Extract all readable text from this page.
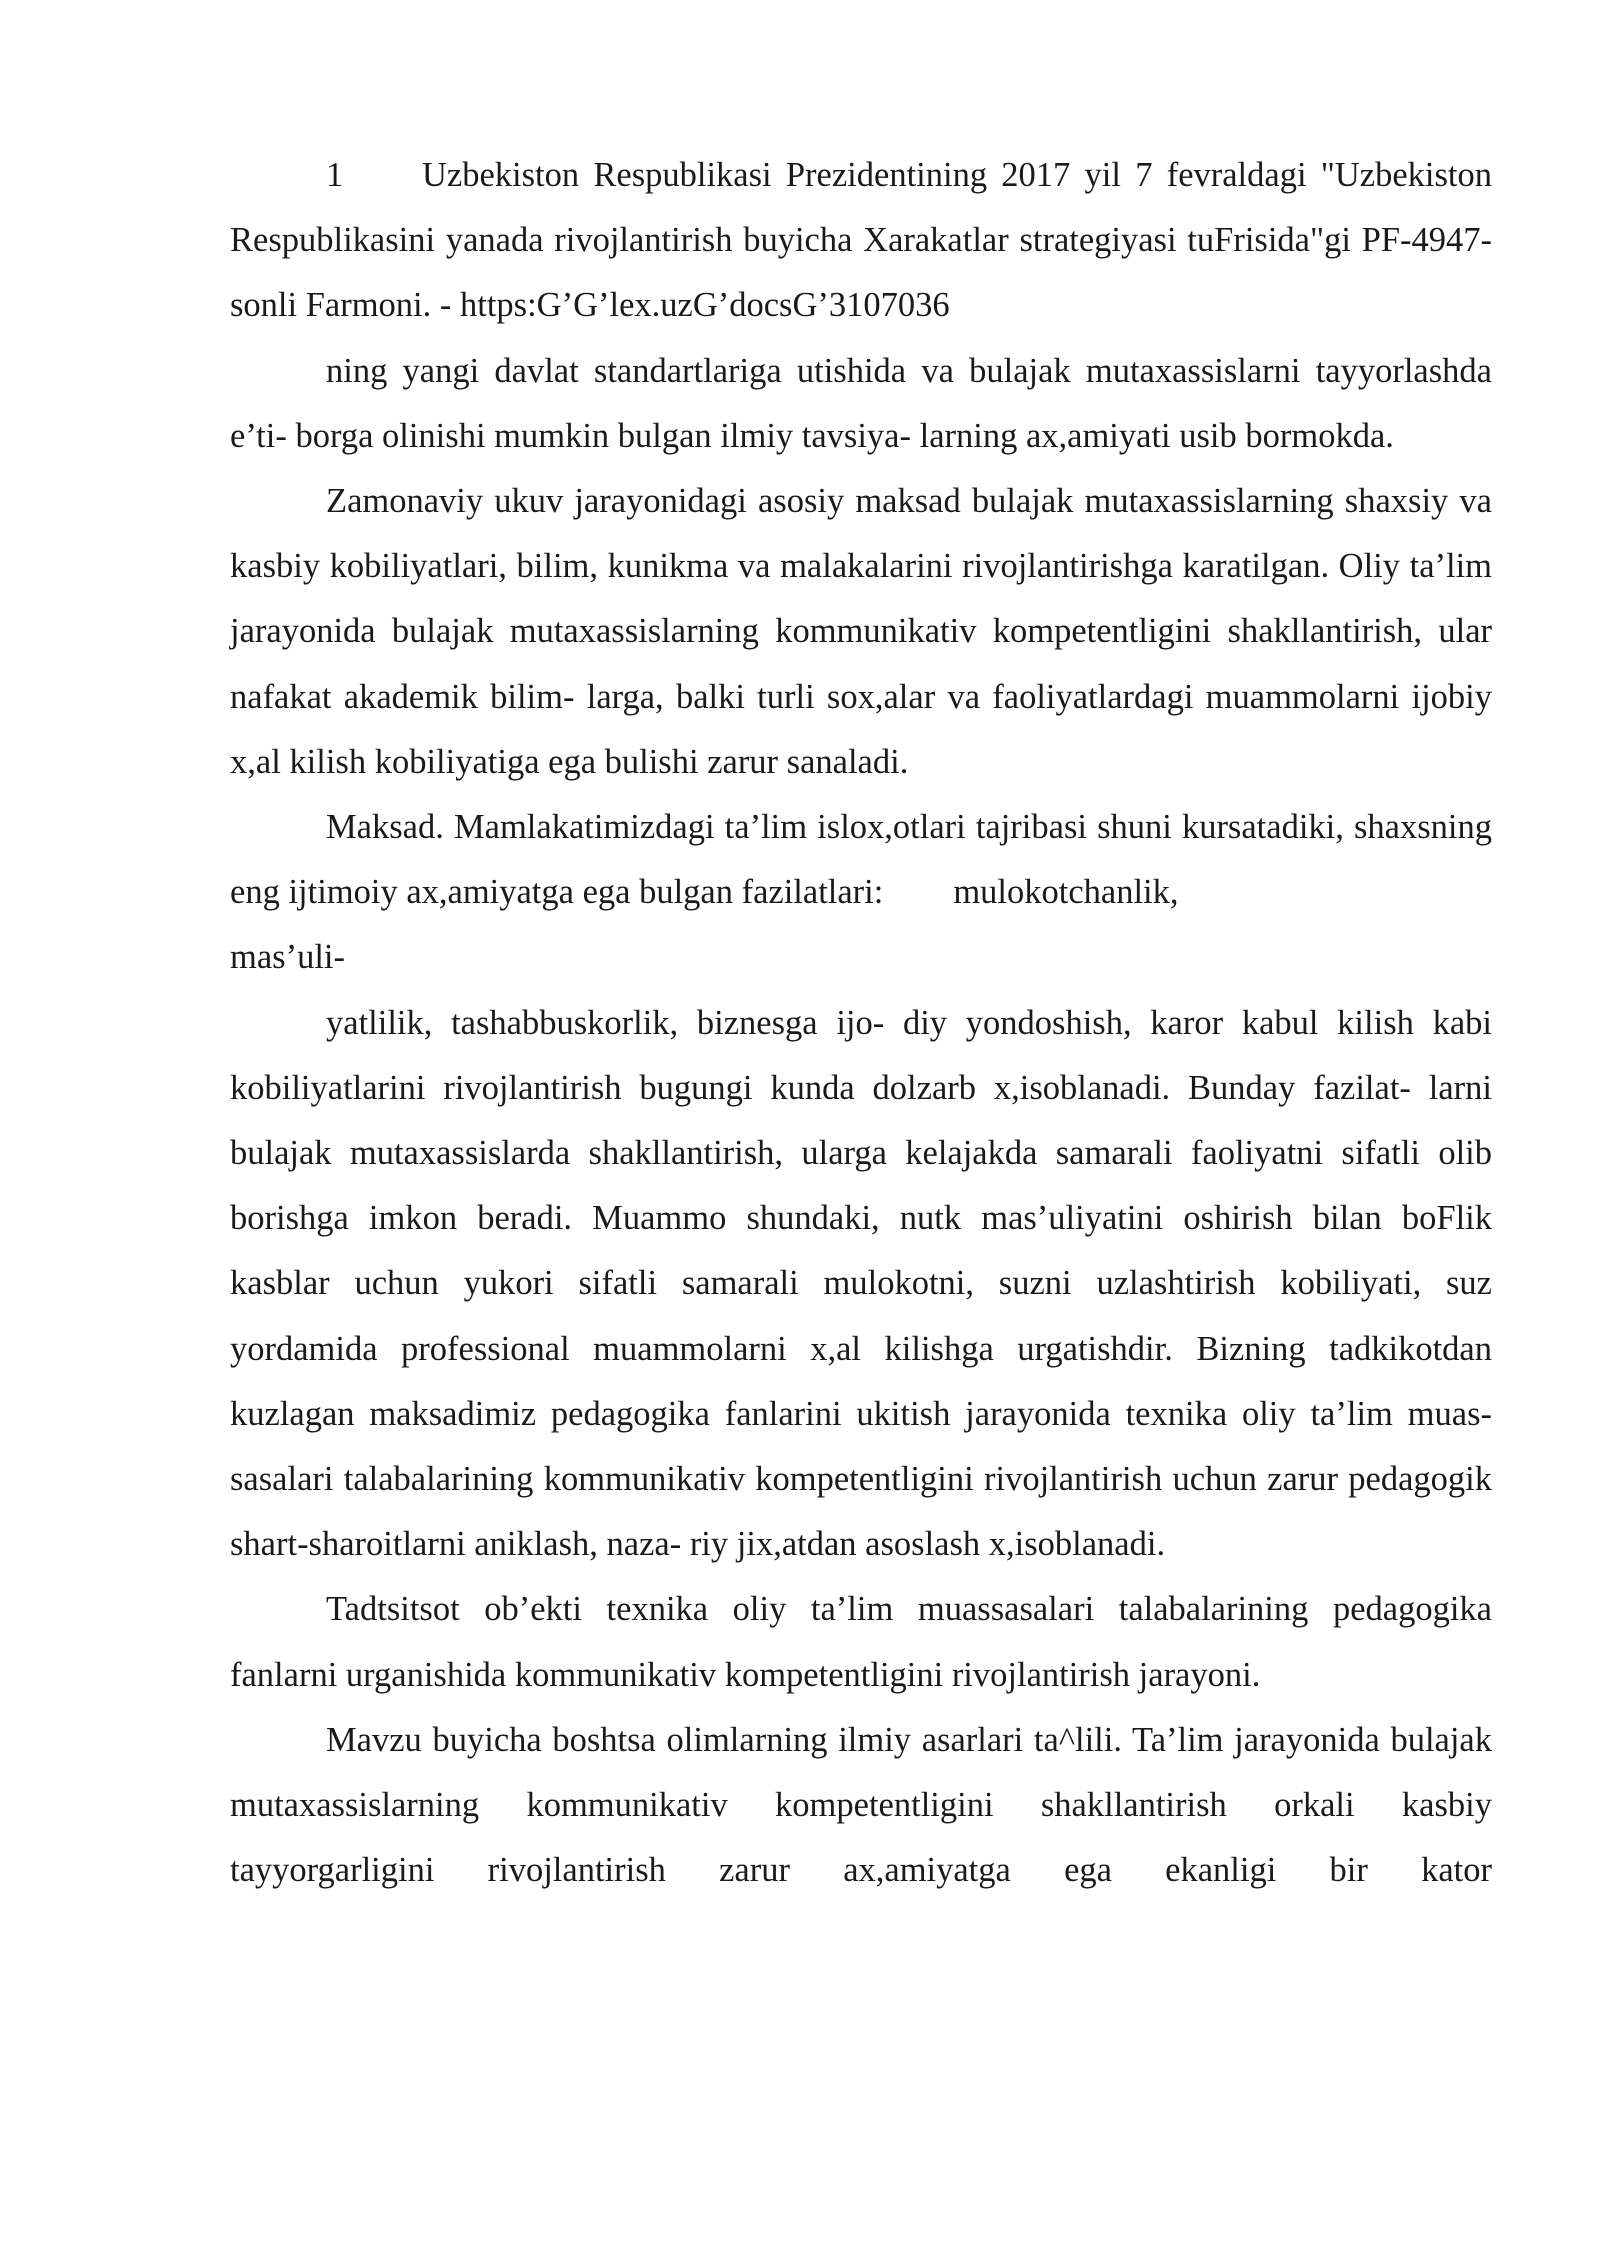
1 Uzbekiston Respublikasi Prezidentining 2017 yil 7 fevraldagi "Uzbekiston Respublikasini yanada rivojlantirish buyicha Xarakatlar strategiyasi tuFrisida"gi PF-4947-sonli Farmoni. - https:G’G’lex.uzG’docsG’3107036

ning yangi davlat standartlariga utishida va bulajak mutaxassislarni tayyorlashda e’ti- borga olinishi mumkin bulgan ilmiy tavsiya- larning ax,amiyati usib bormokda.

Zamonaviy ukuv jarayonidagi asosiy maksad bulajak mutaxassislarning shaxsiy va kasbiy kobiliyatlari, bilim, kunikma va malakalarini rivojlantirishga karatilgan. Oliy ta’lim jarayonida bulajak mutaxassislarning kommunikativ kompetentligini shakllantirish, ular nafakat akademik bilim- larga, balki turli sox,alar va faoliyatlardagi muammolarni ijobiy x,al kilish kobiliyatiga ega bulishi zarur sanaladi.

Maksad. Mamlakatimizdagi ta’lim islox,otlari tajribasi shuni kursatadiki, shaxsning eng ijtimoiy ax,amiyatga ega bulgan fazilatlari: mulokotchanlik,

mas’uli-

yatlilik, tashabbuskorlik, biznesga ijo- diy yondoshish, karor kabul kilish kabi kobiliyatlarini rivojlantirish bugungi kunda dolzarb x,isoblanadi. Bunday fazilat- larni bulajak mutaxassislarda shakllantirish, ularga kelajakda samarali faoliyatni sifatli olib borishga imkon beradi. Muammo shundaki, nutk mas’uliyatini oshirish bilan boFlik kasblar uchun yukori sifatli samarali mulokotni, suzni uzlashtirish kobiliyati, suz yordamida professional muammolarni x,al kilishga urgatishdir. Bizning tadkikotdan kuzlagan maksadimiz pedagogika fanlarini ukitish jarayonida texnika oliy ta’lim muas- sasalari talabalarining kommunikativ kompetentligini rivojlantirish uchun zarur pedagogik shart-sharoitlarni aniklash, naza- riy jix,atdan asoslash x,isoblanadi.

Tadtsitsot ob’ekti texnika oliy ta’lim muassasalari talabalarining pedagogika fanlarni urganishida kommunikativ kompetentligini rivojlantirish jarayoni.

Mavzu buyicha boshtsa olimlarning ilmiy asarlari ta^lili. Ta’lim jarayonida bulajak mutaxassislarning kommunikativ kompetentligini shakllantirish orkali kasbiy tayyorgarligini rivojlantirish zarur ax,amiyatga ega ekanligi bir kator
